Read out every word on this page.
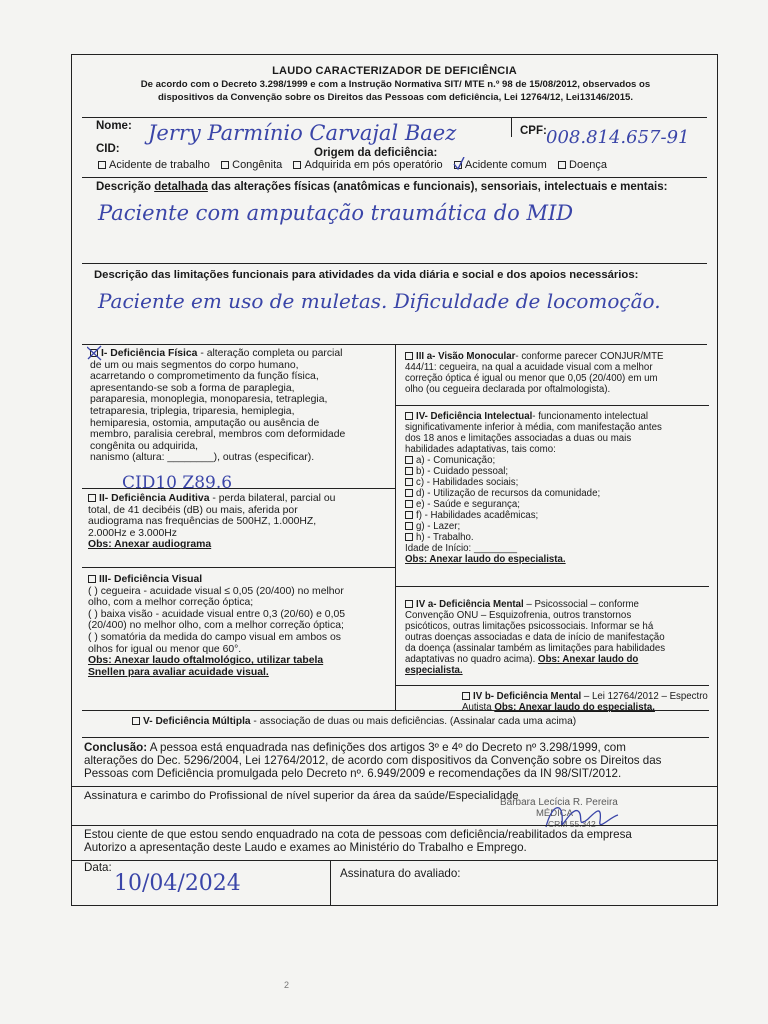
LAUDO CARACTERIZADOR DE DEFICIÊNCIA
De acordo com o Decreto 3.298/1999 e com a Instrução Normativa SIT/ MTE n.º 98 de 15/08/2012, observados os
dispositivos da Convenção sobre os Direitos das Pessoas com deficiência, Lei 12764/12, Lei13146/2015.
Nome: Jerry Parmínio Carvajal Baez	CPF: 008.814.657-91
CID:	Origem da deficiência:
Acidente de trabalho Congênita Adquirida em pós operatório Acidente comum Doença
Descrição detalhada das alterações físicas (anatômicas e funcionais), sensoriais, intelectuais e mentais:
Paciente com amputação traumática do MID
Descrição das limitações funcionais para atividades da vida diária e social e dos apoios necessários:
Paciente em uso de muletas. Dificuldade de locomoção.
I- Deficiência Física - alteração completa ou parcial
de um ou mais segmentos do corpo humano,
acarretando o comprometimento da função física,
apresentando-se sob a forma de paraplegia,
paraparesia, monoplegia, monoparesia, tetraplegia,
tetraparesia, triplegia, triparesia, hemiplegia,
hemiparesia, ostomia, amputação ou ausência de
membro, paralisia cerebral, membros com deformidade
congênita ou adquirida,
nanismo (altura: ________), outras (especificar).
CID10 Z89.6
II- Deficiência Auditiva - perda bilateral, parcial ou
total, de 41 decibéis (dB) ou mais, aferida por
audiograma nas frequências de 500HZ, 1.000HZ,
2.000Hz e 3.000Hz
Obs: Anexar audiograma
III- Deficiência Visual
( ) cegueira - acuidade visual ≤ 0,05 (20/400) no melhor
olho, com a melhor correção óptica;
( ) baixa visão - acuidade visual entre 0,3 (20/60) e 0,05
(20/400) no melhor olho, com a melhor correção óptica;
( ) somatória da medida do campo visual em ambos os
olhos for igual ou menor que 60°.
Obs: Anexar laudo oftalmológico, utilizar tabela
Snellen para avaliar acuidade visual.
III a- Visão Monocular- conforme parecer CONJUR/MTE
444/11: cegueira, na qual a acuidade visual com a melhor
correção óptica é igual ou menor que 0,05 (20/400) em um
olho (ou cegueira declarada por oftalmologista).
IV- Deficiência Intelectual- funcionamento intelectual
significativamente inferior à média, com manifestação antes
dos 18 anos e limitações associadas a duas ou mais
habilidades adaptativas, tais como:
a) - Comunicação;
b) - Cuidado pessoal;
c) - Habilidades sociais;
d) - Utilização de recursos da comunidade;
e) - Saúde e segurança;
f) - Habilidades acadêmicas;
g) - Lazer;
h) - Trabalho.
Idade de Início: ________
Obs: Anexar laudo do especialista.
IV a- Deficiência Mental – Psicossocial – conforme
Convenção ONU – Esquizofrenia, outros transtornos
psicóticos, outras limitações psicossociais. Informar se há
outras doenças associadas e data de início de manifestação
da doença (assinalar também as limitações para habilidades
adaptativas no quadro acima). Obs: Anexar laudo do
especialista.
IV b- Deficiência Mental – Lei 12764/2012 – Espectro
Autista Obs: Anexar laudo do especialista.
V- Deficiência Múltipla - associação de duas ou mais deficiências. (Assinalar cada uma acima)
Conclusão: A pessoa está enquadrada nas definições dos artigos 3º e 4º do Decreto nº 3.298/1999, com
alterações do Dec. 5296/2004, Lei 12764/2012, de acordo com dispositivos da Convenção sobre os Direitos das
Pessoas com Deficiência promulgada pelo Decreto nº. 6.949/2009 e recomendações da IN 98/SIT/2012.
Assinatura e carimbo do Profissional de nível superior da área da saúde/Especialidade
Barbara Lecícia R. Pereira
MÉDICA
CRM 55.342
Estou ciente de que estou sendo enquadrado na cota de pessoas com deficiência/reabilitados da empresa
Autorizo a apresentação deste Laudo e exames ao Ministério do Trabalho e Emprego.
Data:
10/04/2024	Assinatura do avaliado:
2
